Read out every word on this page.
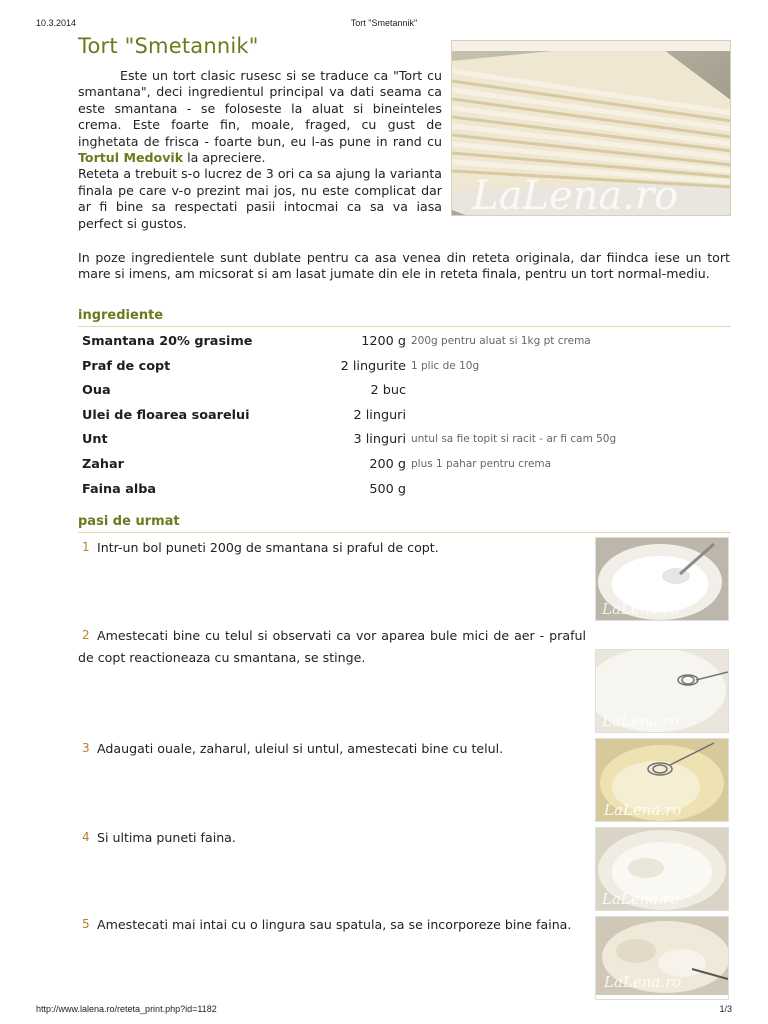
10.3.2014	Tort "Smetannik"
Tort "Smetannik"
LaLena.ro

Este un tort clasic rusesc si se traduce ca "Tort cu smantana", deci ingredientul principal va dati seama ca este smantana - se foloseste la aluat si bineinteles crema. Este foarte fin, moale, fraged, cu gust de inghetata de frisca - foarte bun, eu l-as pune in rand cu Tortul Medovik la apreciere.

Reteta a trebuit s-o lucrez de 3 ori ca sa ajung la varianta finala pe care v-o prezint mai jos, nu este complicat dar ar fi bine sa respectati pasii intocmai ca sa va iasa perfect si gustos.

In poze ingredientele sunt dublate pentru ca asa venea din reteta originala, dar fiindca iese un tort mare si imens, am micsorat si am lasat jumate din ele in reteta finala, pentru un tort normal-mediu.

ingrediente
Smantana 20% grasime	1200 g 200g pentru aluat si 1kg pt crema
Praf de copt	2 lingurite 1 plic de 10g
Oua	2 buc
Ulei de floarea soarelui	2 linguri
Unt	3 linguri untul sa fie topit si racit - ar fi cam 50g
Zahar	200 g plus 1 pahar pentru crema
Faina alba	500 g
pasi de urmat
1 Intr-un bol puneti 200g de smantana si praful de copt.
LaLena.ro
2 Amestecati bine cu telul si observati ca vor aparea bule mici de aer - praful de copt reactioneaza cu smantana, se stinge.
LaLena.ro
3 Adaugati ouale, zaharul, uleiul si untul, amestecati bine cu telul.
LaLena.ro
4 Si ultima puneti faina.
LaLena.ro
5 Amestecati mai intai cu o lingura sau spatula, sa se incorporeze bine faina.
LaLena.ro
http://www.lalena.ro/reteta_print.php?id=1182	1/3
